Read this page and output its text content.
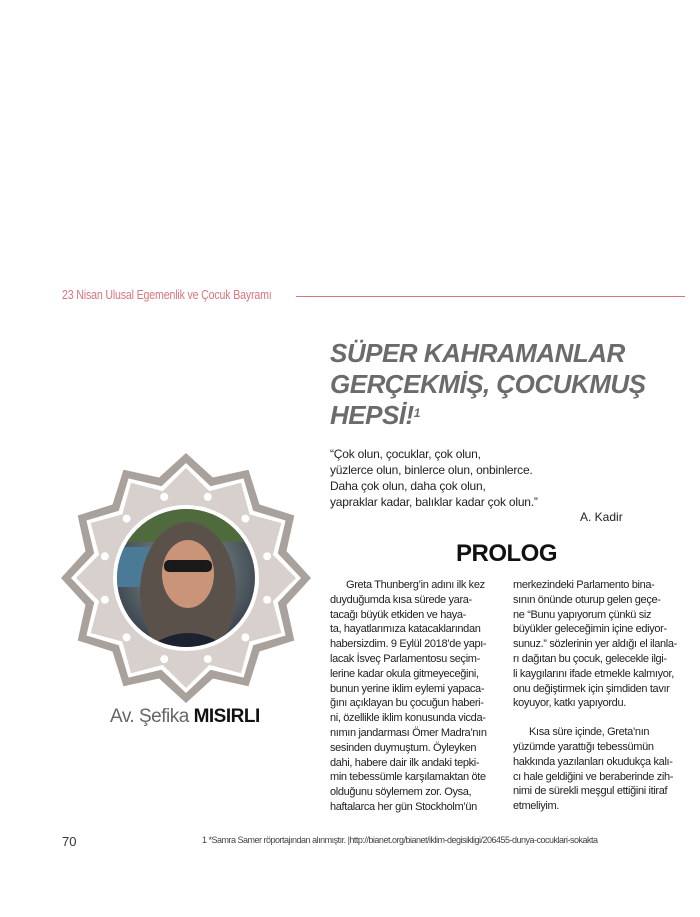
23 Nisan Ulusal Egemenlik ve Çocuk Bayramı
SÜPER KAHRAMANLAR
GERÇEKMİŞ, ÇOCUKMUŞ
HEPSİ!$^1$
“Çok olun, çocuklar, çok olun,
yüzlerce olun, binlerce olun, onbinlerce.
Daha çok olun, daha çok olun,
yapraklar kadar, balıklar kadar çok olun.”
A. Kadir
PROLOG
Av. Şefika MISIRLI
Greta Thunberg’in adını ilk kez
duyduğumda kısa sürede yara-
tacağı büyük etkiden ve haya-
ta, hayatlarımıza katacaklarından
habersizdim. 9 Eylül 2018’de yapı-
lacak İsveç Parlamentosu seçim-
lerine kadar okula gitmeyeceğini,
bunun yerine iklim eylemi yapaca-
ğını açıklayan bu çocuğun haberi-
ni, özellikle iklim konusunda vicda-
nımın jandarması Ömer Madra’nın
sesinden duymuştum. Öyleyken
dahi, habere dair ilk andaki tepki-
min tebessümle karşılamaktan öte
olduğunu söylemem zor. Oysa,
haftalarca her gün Stockholm’ün
merkezindeki Parlamento bina-
sının önünde oturup gelen geçe-
ne “Bunu yapıyorum çünkü siz
büyükler geleceğimin içine ediyor-
sunuz.” sözlerinin yer aldığı el ilanla-
rı dağıtan bu çocuk, gelecekle ilgi-
li kaygılarını ifade etmekle kalmıyor,
onu değiştirmek için şimdiden tavır
koyuyor, katkı yapıyordu.
Kısa süre içinde, Greta’nın
yüzümde yarattığı tebessümün
hakkında yazılanları okudukça kalı-
cı hale geldiğini ve beraberinde zih-
nimi de sürekli meşgul ettiğini itiraf
etmeliyim.
1 *Samra Samer röportajından alınmıştır. |http://bianet.org/bianet/iklim-degisikligi/206455-dunya-cocuklari-sokakta
70
